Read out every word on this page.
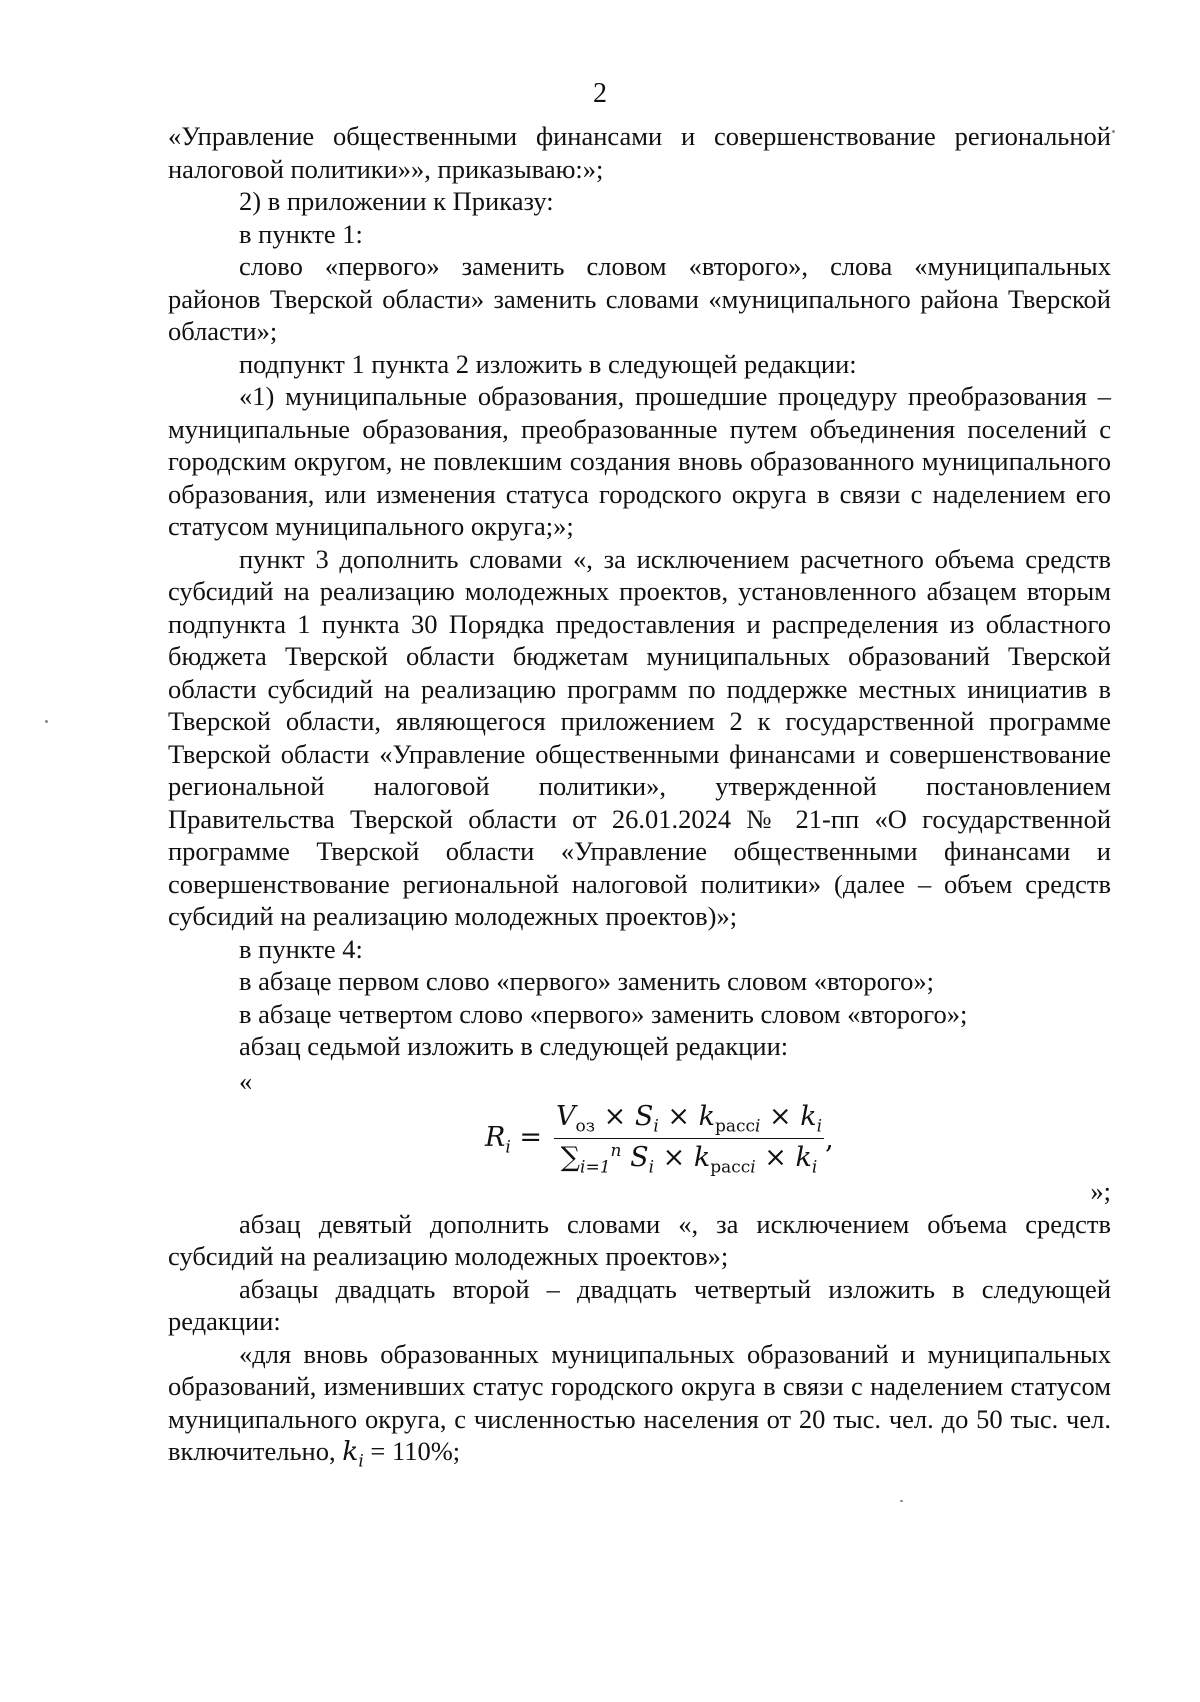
2

«Управление общественными финансами и совершенствование региональной налоговой политики»», приказываю:»;

2) в приложении к Приказу:

в пункте 1:

слово «первого» заменить словом «второго», слова «муниципальных районов Тверской области» заменить словами «муниципального района Тверской области»;

подпункт 1 пункта 2 изложить в следующей редакции:

«1) муниципальные образования, прошедшие процедуру преобразования – муниципальные образования, преобразованные путем объединения поселений с городским округом, не повлекшим создания вновь образованного муниципального образования, или изменения статуса городского округа в связи с наделением его статусом муниципального округа;»;

пункт 3 дополнить словами «, за исключением расчетного объема средств субсидий на реализацию молодежных проектов, установленного абзацем вторым подпункта 1 пункта 30 Порядка предоставления и распределения из областного бюджета Тверской области бюджетам муниципальных образований Тверской области субсидий на реализацию программ по поддержке местных инициатив в Тверской области, являющегося приложением 2 к государственной программе Тверской области «Управление общественными финансами и совершенствование региональной налоговой политики», утвержденной постановлением Правительства Тверской области от 26.01.2024 № 21-пп «О государственной программе Тверской области «Управление общественными финансами и совершенствование региональной налоговой политики» (далее – объем средств субсидий на реализацию молодежных проектов)»;

в пункте 4:

в абзаце первом слово «первого» заменить словом «второго»;

в абзаце четвертом слово «первого» заменить словом «второго»;

абзац седьмой изложить в следующей редакции:

«

$R_i = \frac{V_{оз} \times S_i \times k_{рассi} \times k_i}{\sum_{i=1}^n S_i \times k_{рассi} \times k_i}$ ,

»;

абзац девятый дополнить словами «, за исключением объема средств субсидий на реализацию молодежных проектов»;

абзацы двадцать второй – двадцать четвертый изложить в следующей редакции:

«для вновь образованных муниципальных образований и муниципальных образований, изменивших статус городского округа в связи с наделением статусом муниципального округа, с численностью населения от 20 тыс. чел. до 50 тыс. чел. включительно, $k_i = 110\%$;
